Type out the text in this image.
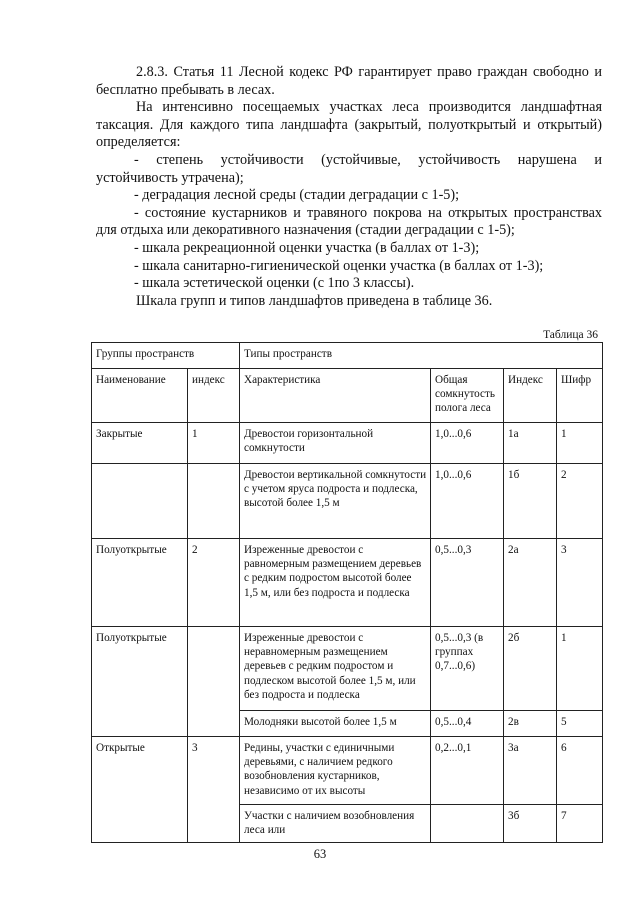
2.8.3. Статья 11 Лесной кодекс РФ гарантирует право граждан свободно и бесплатно пребывать в лесах.

На интенсивно посещаемых участках леса производится ландшафтная таксация. Для каждого типа ландшафта (закрытый, полуоткрытый и открытый) определяется:

- степень устойчивости (устойчивые, устойчивость нарушена и устойчивость утрачена);

- деградация лесной среды (стадии деградации с 1-5);

- состояние кустарников и травяного покрова на открытых пространствах для отдыха или декоративного назначения (стадии деградации с 1-5);

- шкала рекреационной оценки участка (в баллах от 1-3);

- шкала санитарно-гигиенической оценки участка (в баллах от 1-3);

- шкала эстетической оценки (с 1по 3 классы).

Шкала групп и типов ландшафтов приведена в таблице 36.

Таблица 36
Группы пространств		Типы пространств			
Наименование	индекс	Характеристика	Общая сомкнутость полога леса	Индекс	Шифр
Закрытые	1	Древостои горизонтальной сомкнутости	1,0...0,6	1а	1
		Древостои вертикальной сомкнутости с учетом яруса подроста и подлеска, высотой более 1,5 м	1,0...0,6	1б	2
Полуоткрытые	2	Изреженные древостои с равномерным размещением деревьев с редким подростом высотой более 1,5 м, или без подроста и подлеска	0,5...0,3	2а	3
Полуоткрытые		Изреженные древостои с неравномерным размещением деревьев с редким подростом и подлеском высотой более 1,5 м, или без подроста и подлеска	0,5...0,3 (в группах 0,7...0,6)	2б	1
		Молодняки высотой более 1,5 м	0,5...0,4	2в	5
Открытые	3	Редины, участки с единичными деревьями, с наличием редкого возобновления кустарников, независимо от их высоты	0,2...0,1	3а	6
		Участки с наличием возобновления леса или		3б	7
63
